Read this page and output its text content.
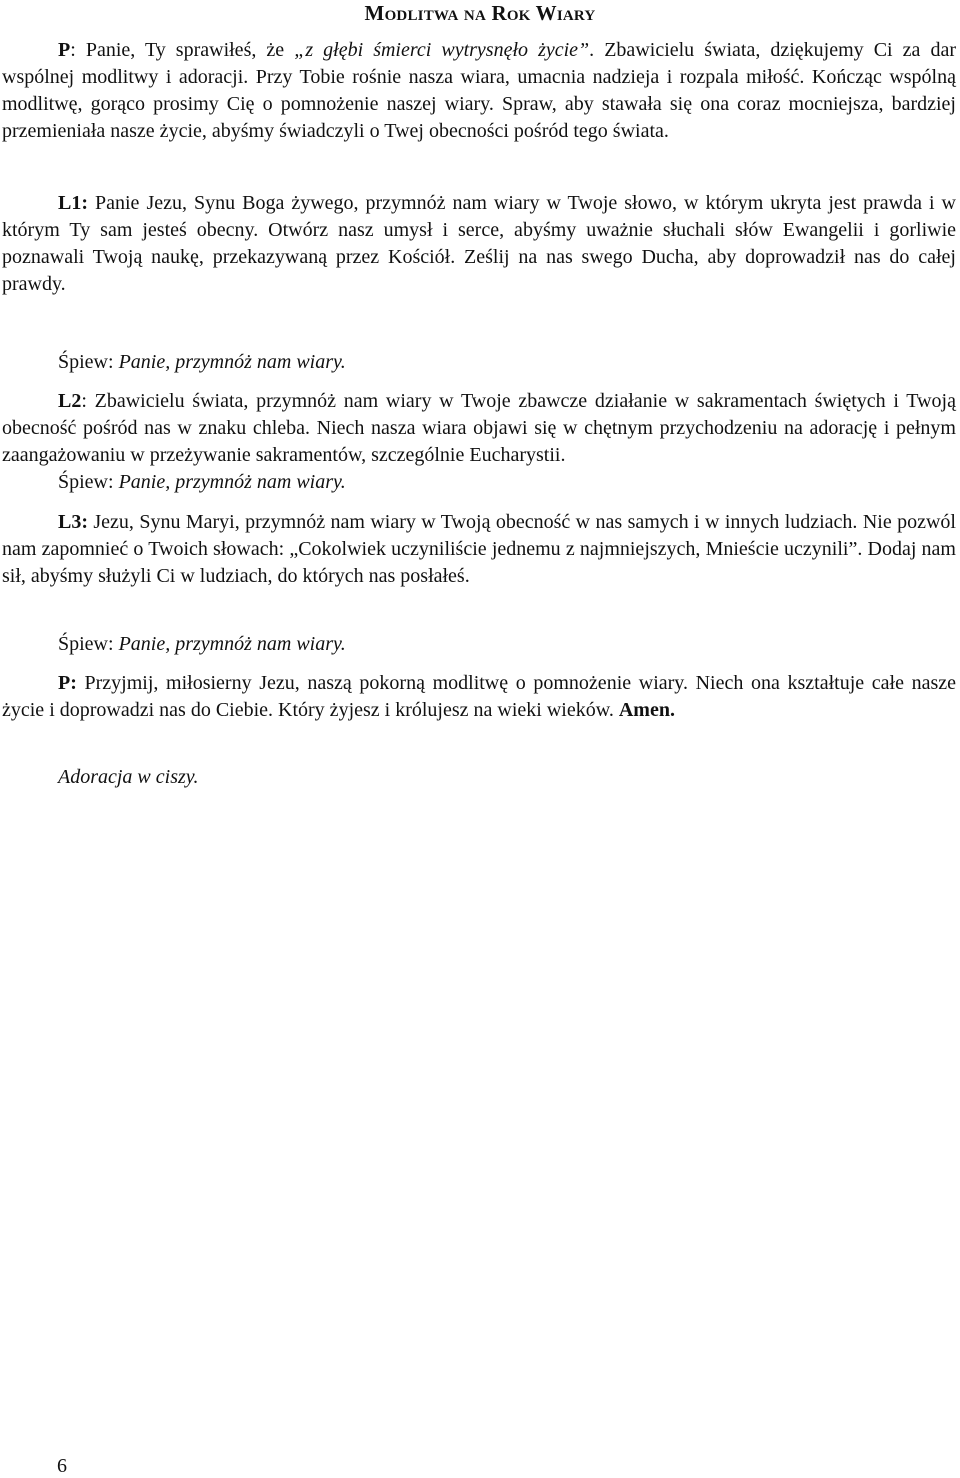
Modlitwa na Rok Wiary

P: Panie, Ty sprawiłeś, że „z głębi śmierci wytrysnęło życie”. Zbawicielu świata, dziękujemy Ci za dar wspólnej modlitwy i adoracji. Przy Tobie rośnie nasza wiara, umacnia nadzieja i rozpala miłość. Kończąc wspólną modlitwę, gorąco prosimy Cię o pomnożenie naszej wiary. Spraw, aby stawała się ona coraz mocniejsza, bardziej przemieniała nasze życie, abyśmy świadczyli o Twej obecności pośród tego świata.

L1: Panie Jezu, Synu Boga żywego, przymnóż nam wiary w Twoje słowo, w którym ukryta jest prawda i w którym Ty sam jesteś obecny. Otwórz nasz umysł i serce, abyśmy uważnie słuchali słów Ewangelii i gorliwie poznawali Twoją naukę, przekazywaną przez Kościół. Ześlij na nas swego Ducha, aby doprowadził nas do całej prawdy.

Śpiew: Panie, przymnóż nam wiary.

L2: Zbawicielu świata, przymnóż nam wiary w Twoje zbawcze działanie w sakramentach świętych i Twoją obecność pośród nas w znaku chleba. Niech nasza wiara objawi się w chętnym przychodzeniu na adorację i pełnym zaangażowaniu w przeżywanie sakramentów, szczególnie Eucharystii.

Śpiew: Panie, przymnóż nam wiary.

L3: Jezu, Synu Maryi, przymnóż nam wiary w Twoją obecność w nas samych i w innych ludziach. Nie pozwól nam zapomnieć o Twoich słowach: „Cokolwiek uczyniliście jednemu z najmniejszych, Mnieście uczynili”. Dodaj nam sił, abyśmy służyli Ci w ludziach, do których nas posłałeś.

Śpiew: Panie, przymnóż nam wiary.

P: Przyjmij, miłosierny Jezu, naszą pokorną modlitwę o pomnożenie wiary. Niech ona kształtuje całe nasze życie i doprowadzi nas do Ciebie. Który żyjesz i królujesz na wieki wieków. Amen.

Adoracja w ciszy.

6
